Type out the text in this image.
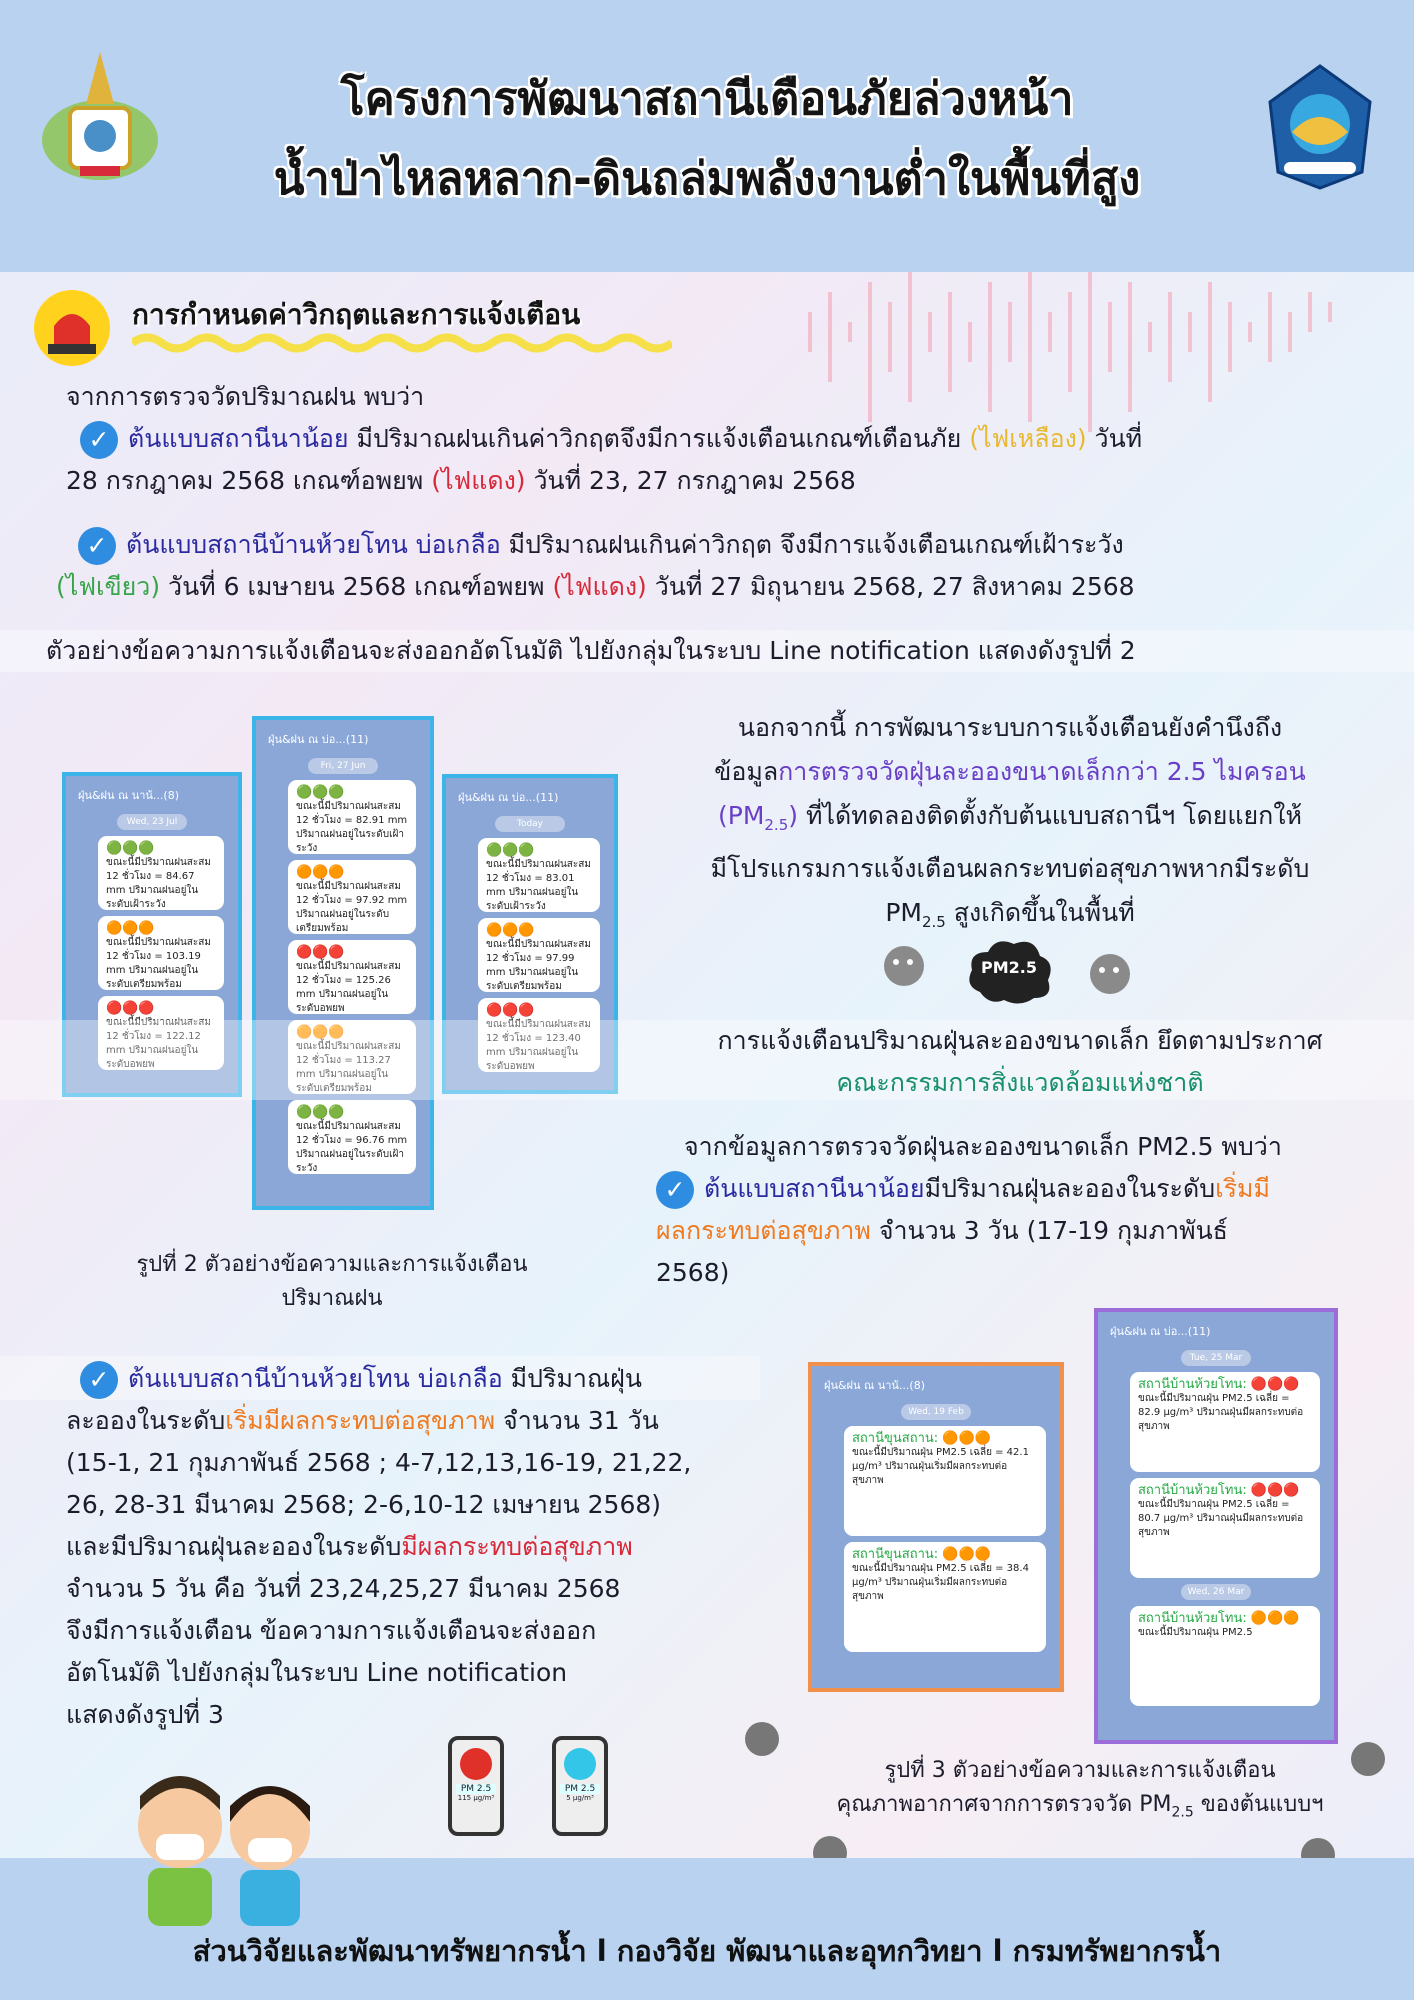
โครงการพัฒนาสถานีเตือนภัยล่วงหน้า
น้ำป่าไหลหลาก-ดินถล่มพลังงานต่ำในพื้นที่สูง
การกำหนดค่าวิกฤตและการแจ้งเตือน
จากการตรวจวัดปริมาณฝน พบว่า
✓ ต้นแบบสถานีนาน้อย มีปริมาณฝนเกินค่าวิกฤตจึงมีการแจ้งเตือนเกณฑ์เตือนภัย (ไฟเหลือง) วันที่
28 กรกฎาคม 2568 เกณฑ์อพยพ (ไฟแดง) วันที่ 23, 27 กรกฎาคม 2568
✓ ต้นแบบสถานีบ้านห้วยโทน บ่อเกลือ มีปริมาณฝนเกินค่าวิกฤต จึงมีการแจ้งเตือนเกณฑ์เฝ้าระวัง
(ไฟเขียว) วันที่ 6 เมษายน 2568 เกณฑ์อพยพ (ไฟแดง) วันที่ 27 มิถุนายน 2568, 27 สิงหาคม 2568
ตัวอย่างข้อความการแจ้งเตือนจะส่งออกอัตโนมัติ ไปยังกลุ่มในระบบ Line notification แสดงดังรูปที่ 2
ฝุ่น&ฝน ณ นาน้...(8)
Wed, 23 Jul
🟢🟢🟢
ขณะนี้มีปริมาณฝนสะสม 12 ชั่วโมง = 84.67 mm ปริมาณฝนอยู่ในระดับเฝ้าระวัง
🟠🟠🟠
ขณะนี้มีปริมาณฝนสะสม 12 ชั่วโมง = 103.19 mm ปริมาณฝนอยู่ในระดับเตรียมพร้อม
🔴🔴🔴
ขณะนี้มีปริมาณฝนสะสม 12 ชั่วโมง = 122.12 mm ปริมาณฝนอยู่ในระดับอพยพ
ฝุ่น&ฝน ณ บ่อ...(11)
Fri, 27 Jun
🟢🟢🟢
ขณะนี้มีปริมาณฝนสะสม 12 ชั่วโมง = 82.91 mm ปริมาณฝนอยู่ในระดับเฝ้าระวัง
🟠🟠🟠
ขณะนี้มีปริมาณฝนสะสม 12 ชั่วโมง = 97.92 mm ปริมาณฝนอยู่ในระดับเตรียมพร้อม
🔴🔴🔴
ขณะนี้มีปริมาณฝนสะสม 12 ชั่วโมง = 125.26 mm ปริมาณฝนอยู่ในระดับอพยพ
🟠🟠🟠
ขณะนี้มีปริมาณฝนสะสม 12 ชั่วโมง = 113.27 mm ปริมาณฝนอยู่ในระดับเตรียมพร้อม
🟢🟢🟢
ขณะนี้มีปริมาณฝนสะสม 12 ชั่วโมง = 96.76 mm ปริมาณฝนอยู่ในระดับเฝ้าระวัง
ฝุ่น&ฝน ณ บ่อ...(11)
Today
🟢🟢🟢
ขณะนี้มีปริมาณฝนสะสม 12 ชั่วโมง = 83.01 mm ปริมาณฝนอยู่ในระดับเฝ้าระวัง
🟠🟠🟠
ขณะนี้มีปริมาณฝนสะสม 12 ชั่วโมง = 97.99 mm ปริมาณฝนอยู่ในระดับเตรียมพร้อม
🔴🔴🔴
ขณะนี้มีปริมาณฝนสะสม 12 ชั่วโมง = 123.40 mm ปริมาณฝนอยู่ในระดับอพยพ
รูปที่ 2 ตัวอย่างข้อความและการแจ้งเตือน
ปริมาณฝน
นอกจากนี้ การพัฒนาระบบการแจ้งเตือนยังคำนึงถึง
ข้อมูลการตรวจวัดฝุ่นละอองขนาดเล็กกว่า 2.5 ไมครอน
$(PM_{2.5})$ ที่ได้ทดลองติดตั้งกับต้นแบบสถานีฯ โดยแยกให้
มีโปรแกรมการแจ้งเตือนผลกระทบต่อสุขภาพหากมีระดับ
$PM_{2.5}$ สูงเกิดขึ้นในพื้นที่
PM2.5
การแจ้งเตือนปริมาณฝุ่นละอองขนาดเล็ก ยึดตามประกาศ
คณะกรรมการสิ่งแวดล้อมแห่งชาติ
จากข้อมูลการตรวจวัดฝุ่นละอองขนาดเล็ก PM2.5 พบว่า
✓ ต้นแบบสถานีนาน้อยมีปริมาณฝุ่นละอองในระดับเริ่มมี
ผลกระทบต่อสุขภาพ จำนวน 3 วัน (17-19 กุมภาพันธ์
2568)
✓ ต้นแบบสถานีบ้านห้วยโทน บ่อเกลือ มีปริมาณฝุ่น
ละอองในระดับเริ่มมีผลกระทบต่อสุขภาพ จำนวน 31 วัน
(15-1, 21 กุมภาพันธ์ 2568 ; 4-7,12,13,16-19, 21,22,
26, 28-31 มีนาคม 2568; 2-6,10-12 เมษายน 2568)
และมีปริมาณฝุ่นละอองในระดับมีผลกระทบต่อสุขภาพ
จำนวน 5 วัน คือ วันที่ 23,24,25,27 มีนาคม 2568
จึงมีการแจ้งเตือน ข้อความการแจ้งเตือนจะส่งออก
อัตโนมัติ ไปยังกลุ่มในระบบ Line notification
แสดงดังรูปที่ 3
ฝุ่น&ฝน ณ นาน้...(8)
Wed, 19 Feb
สถานีขุนสถาน: 🟠🟠🟠
ขณะนี้มีปริมาณฝุ่น PM2.5 เฉลี่ย = 42.1 µg/m³ ปริมาณฝุ่นเริ่มมีผลกระทบต่อสุขภาพ
สถานีขุนสถาน: 🟠🟠🟠
ขณะนี้มีปริมาณฝุ่น PM2.5 เฉลี่ย = 38.4 µg/m³ ปริมาณฝุ่นเริ่มมีผลกระทบต่อสุขภาพ
ฝุ่น&ฝน ณ บ่อ...(11)
Tue, 25 Mar
สถานีบ้านห้วยโทน: 🔴🔴🔴
ขณะนี้มีปริมาณฝุ่น PM2.5 เฉลี่ย = 82.9 µg/m³ ปริมาณฝุ่นมีผลกระทบต่อสุขภาพ
สถานีบ้านห้วยโทน: 🔴🔴🔴
ขณะนี้มีปริมาณฝุ่น PM2.5 เฉลี่ย = 80.7 µg/m³ ปริมาณฝุ่นมีผลกระทบต่อสุขภาพ
Wed, 26 Mar
สถานีบ้านห้วยโทน: 🟠🟠🟠
ขณะนี้มีปริมาณฝุ่น PM2.5
รูปที่ 3 ตัวอย่างข้อความและการแจ้งเตือน
คุณภาพอากาศจากการตรวจวัด $PM_{2.5}$ ของต้นแบบฯ
PM 2.5
115 µg/m³
PM 2.5
5 µg/m³
ส่วนวิจัยและพัฒนาทรัพยากรน้ำ l กองวิจัย พัฒนาและอุทกวิทยา l กรมทรัพยากรน้ำ
